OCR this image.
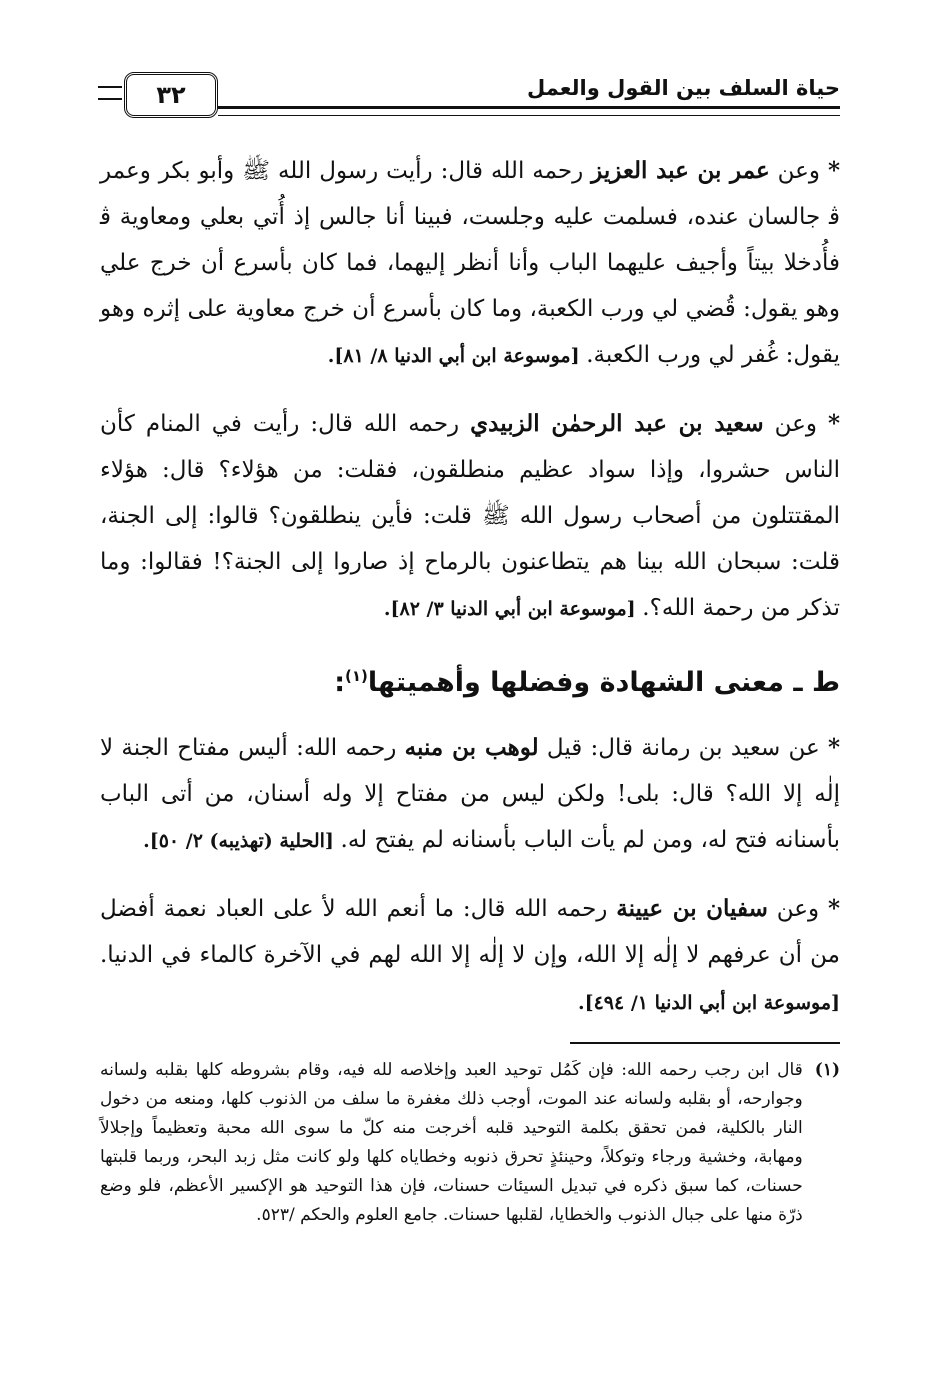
حياة السلف بين القول والعمل
٣٢

* وعن عمر بن عبد العزيز رحمه الله قال: رأيت رسول الله ﷺ وأبو بكر وعمر ﭬ جالسان عنده، فسلمت عليه وجلست، فبينا أنا جالس إذ أُتي بعلي ومعاوية ﭬ فأُدخلا بيتاً وأجيف عليهما الباب وأنا أنظر إليهما، فما كان بأسرع أن خرج علي وهو يقول: قُضي لي ورب الكعبة، وما كان بأسرع أن خرج معاوية على إثره وهو يقول: غُفر لي ورب الكعبة. [موسوعة ابن أبي الدنيا ٨/ ٨١].

* وعن سعيد بن عبد الرحمٰن الزبيدي رحمه الله قال: رأيت في المنام كأن الناس حشروا، وإذا سواد عظيم منطلقون، فقلت: من هؤلاء؟ قال: هؤلاء المقتتلون من أصحاب رسول الله ﷺ قلت: فأين ينطلقون؟ قالوا: إلى الجنة، قلت: سبحان الله بينا هم يتطاعنون بالرماح إذ صاروا إلى الجنة؟! فقالوا: وما تذكر من رحمة الله؟. [موسوعة ابن أبي الدنيا ٣/ ٨٢].

ط ـ معنى الشهادة وفضلها وأهميتها$^{(١)}$:

* عن سعيد بن رمانة قال: قيل لوهب بن منبه رحمه الله: أليس مفتاح الجنة لا إلٰه إلا الله؟ قال: بلى! ولكن ليس من مفتاح إلا وله أسنان، من أتى الباب بأسنانه فتح له، ومن لم يأت الباب بأسنانه لم يفتح له. [الحلية (تهذيبه) ٢/ ٥٠].

* وعن سفيان بن عيينة رحمه الله قال: ما أنعم الله ﻷ على العباد نعمة أفضل من أن عرفهم لا إلٰه إلا الله، وإن لا إلٰه إلا الله لهم في الآخرة كالماء في الدنيا. [موسوعة ابن أبي الدنيا ١/ ٤٩٤].

(١)
قال ابن رجب رحمه الله: فإن كَمُل توحيد العبد وإخلاصه لله فيه، وقام بشروطه كلها بقلبه ولسانه وجوارحه، أو بقلبه ولسانه عند الموت، أوجب ذلك مغفرة ما سلف من الذنوب كلها، ومنعه من دخول النار بالكلية، فمن تحقق بكلمة التوحيد قلبه أخرجت منه كلّ ما سوى الله محبة وتعظيماً وإجلالاً ومهابة، وخشية ورجاء وتوكلاً، وحينئذٍ تحرق ذنوبه وخطاياه كلها ولو كانت مثل زبد البحر، وربما قلبتها حسنات، كما سبق ذكره في تبديل السيئات حسنات، فإن هذا التوحيد هو الإكسير الأعظم، فلو وضع ذرّة منها على جبال الذنوب والخطايا، لقلبها حسنات. جامع العلوم والحكم /٥٢٣.
